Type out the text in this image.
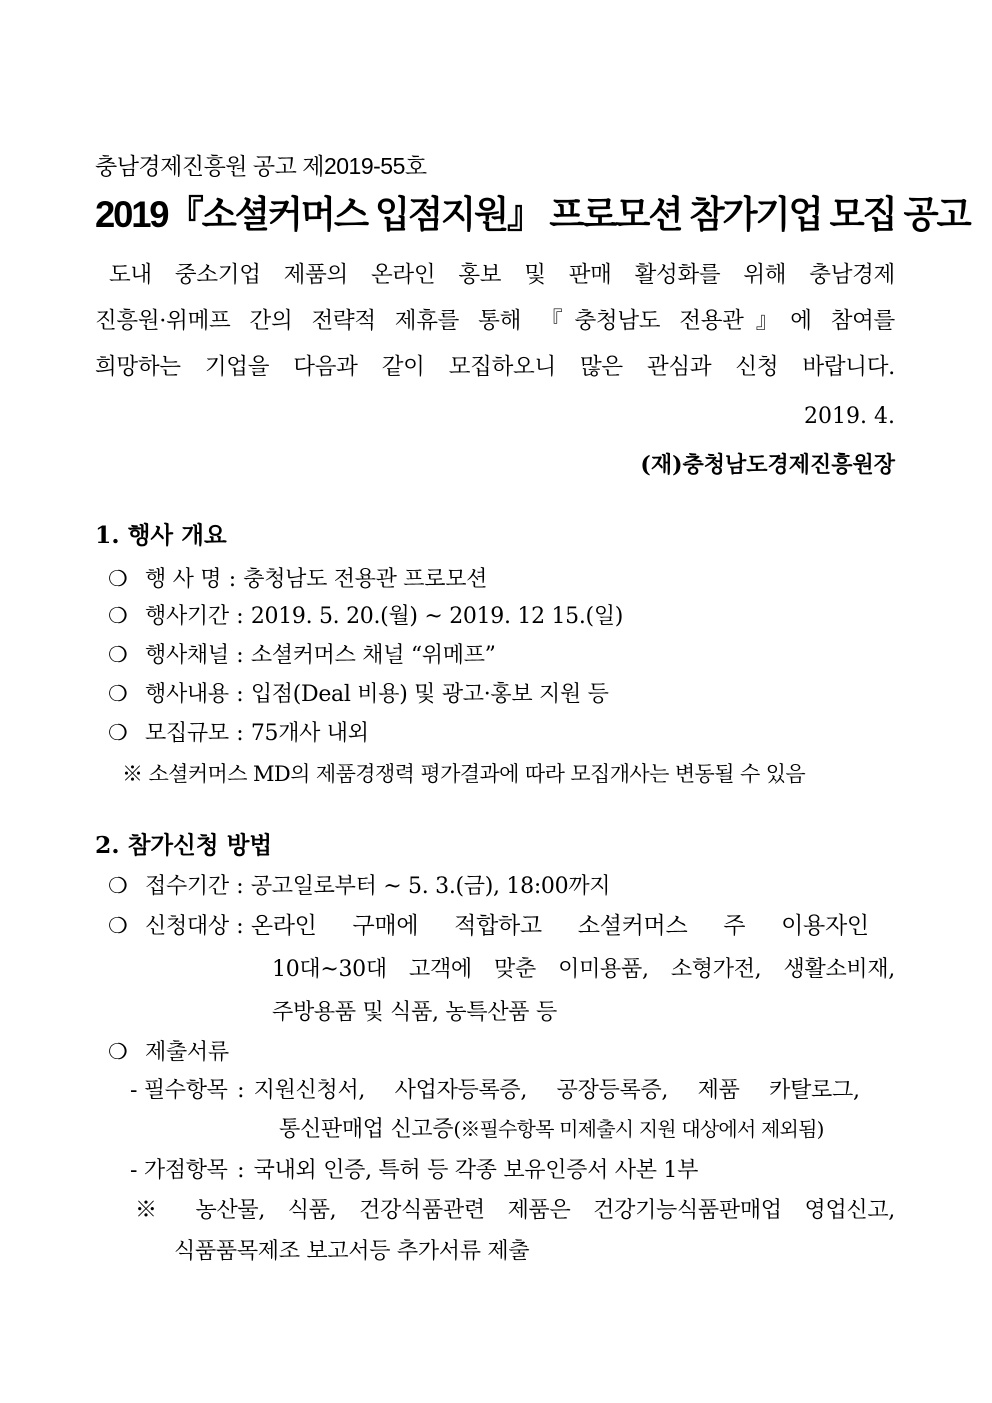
충남경제진흥원 공고 제2019-55호
2019『소셜커머스 입점지원』 프로모션 참가기업 모집 공고
도내 중소기업 제품의 온라인 홍보 및 판매 활성화를 위해 충남경제
진흥원·위메프 간의 전략적 제휴를 통해 『충청남도 전용관』에 참여를
희망하는 기업을 다음과 같이 모집하오니 많은 관심과 신청 바랍니다.
2019. 4.
(재)충청남도경제진흥원장
1. 행사 개요
❍ 행 사 명 : 충청남도 전용관 프로모션
❍ 행사기간 : 2019. 5. 20.(월) ~ 2019. 12 15.(일)
❍ 행사채널 : 소셜커머스 채널 “위메프”
❍ 행사내용 : 입점(Deal 비용) 및 광고·홍보 지원 등
❍ 모집규모 : 75개사 내외
※ 소셜커머스 MD의 제품경쟁력 평가결과에 따라 모집개사는 변동될 수 있음
2. 참가신청 방법
❍ 접수기간 : 공고일로부터 ~ 5. 3.(금), 18:00까지
❍ 신청대상 : 온라인 구매에 적합하고 소셜커머스 주 이용자인
10대~30대 고객에 맞춘 이미용품, 소형가전, 생활소비재,
주방용품 및 식품, 농특산품 등
❍ 제출서류
- 필수항목 : 지원신청서, 사업자등록증, 공장등록증, 제품 카탈로그,
통신판매업 신고증(※필수항목 미제출시 지원 대상에서 제외됨)
- 가점항목 : 국내외 인증, 특허 등 각종 보유인증서 사본 1부
※ 농산물, 식품, 건강식품관련 제품은 건강기능식품판매업 영업신고,
식품품목제조 보고서등 추가서류 제출
